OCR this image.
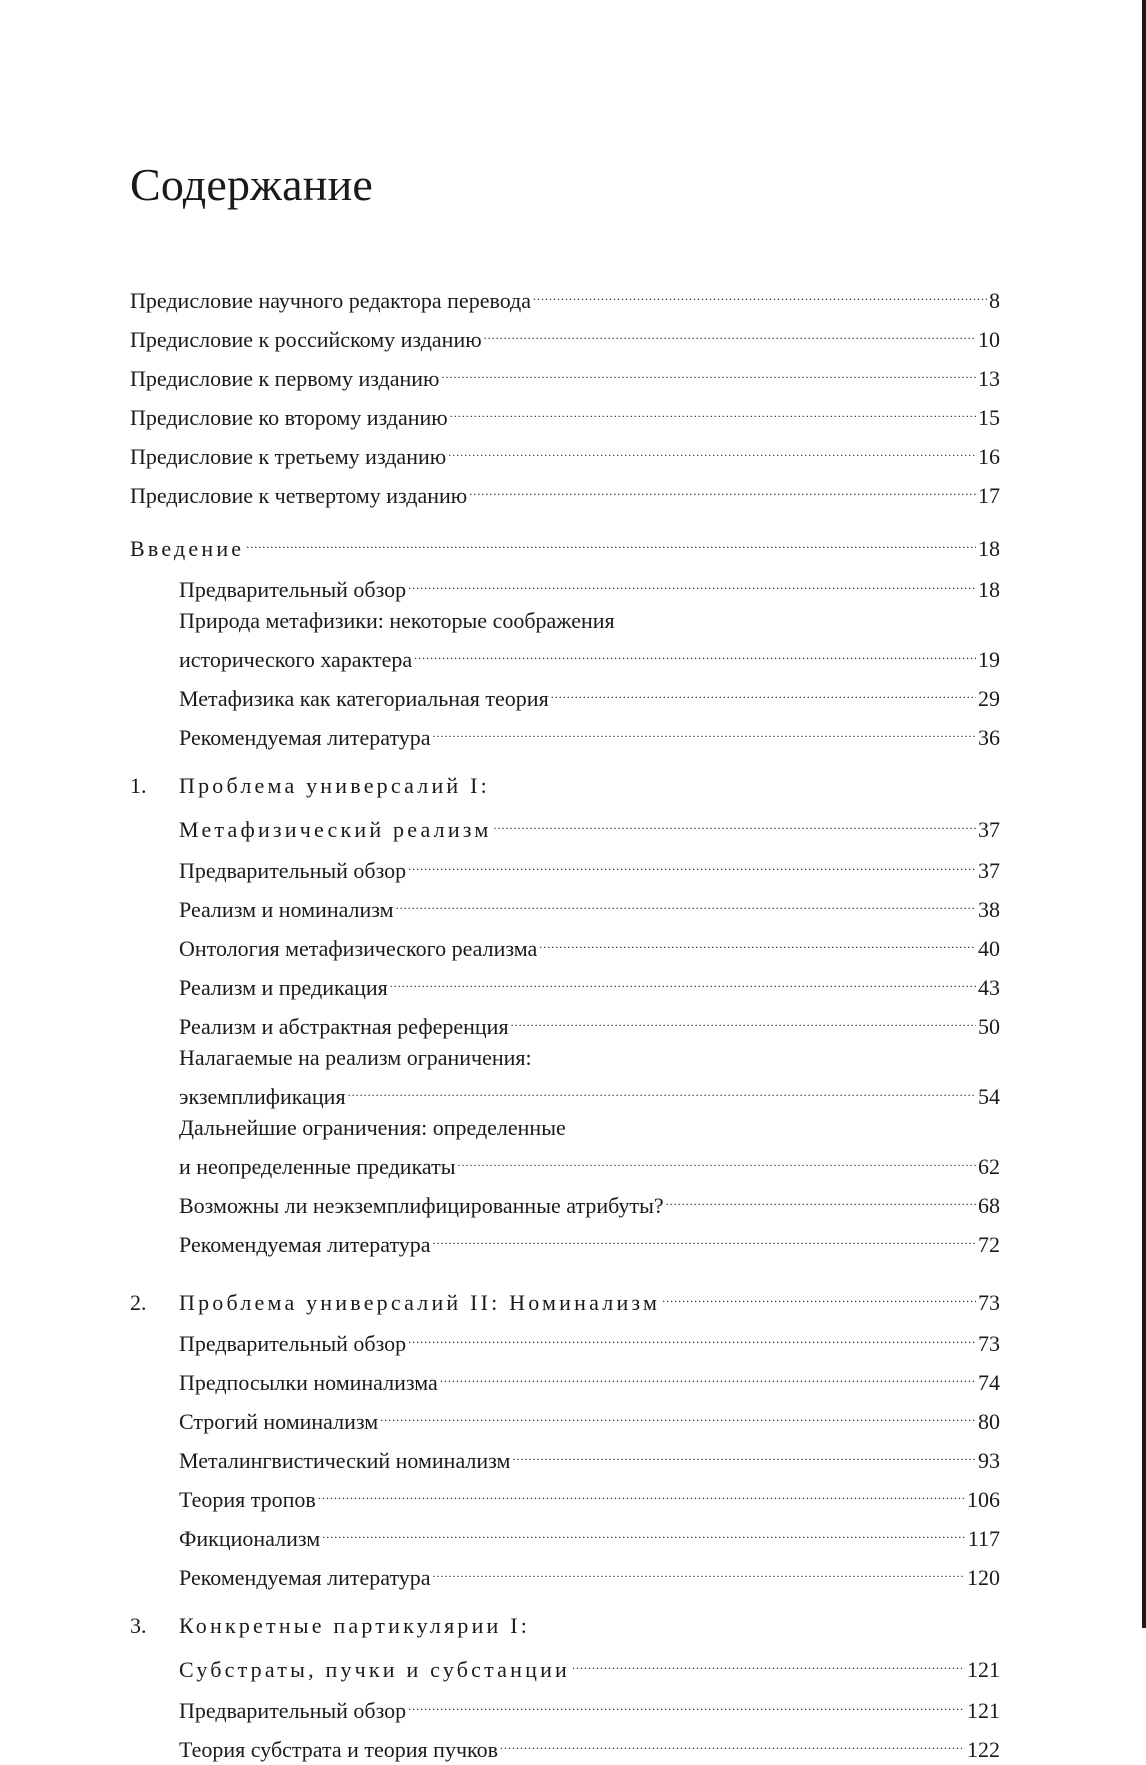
Содержание
Предисловие научного редактора перевода . . .	8
Предисловие к российскому изданию . . .	10
Предисловие к первому изданию . . .	13
Предисловие ко второму изданию . . .	15
Предисловие к третьему изданию . . .	16
Предисловие к четвертому изданию . . .	17
Введение . . .	18
Предварительный обзор . . .	18
Природа метафизики: некоторые соображения
исторического характера . . .	19
Метафизика как категориальная теория . . .	29
Рекомендуемая литература . . .	36
1.	Проблема универсалий I:
Метафизический реализм . . .	37
Предварительный обзор . . .	37
Реализм и номинализм . . .	38
Онтология метафизического реализма . . .	40
Реализм и предикация . . .	43
Реализм и абстрактная референция . . .	50
Налагаемые на реализм ограничения:
экземплификация . . .	54
Дальнейшие ограничения: определенные
и неопределенные предикаты . . .	62
Возможны ли неэкземплифицированные атрибуты? . . .	68
Рекомендуемая литература . . .	72
2.	Проблема универсалий II: Номинализм . . .	73
Предварительный обзор . . .	73
Предпосылки номинализма . . .	74
Строгий номинализм . . .	80
Металингвистический номинализм . . .	93
Теория тропов . . .	106
Фикционализм . . .	117
Рекомендуемая литература . . .	120
3.	Конкретные партикулярии I:
Субстраты, пучки и субстанции . . .	121
Предварительный обзор . . .	121
Теория субстрата и теория пучков . . .	122
